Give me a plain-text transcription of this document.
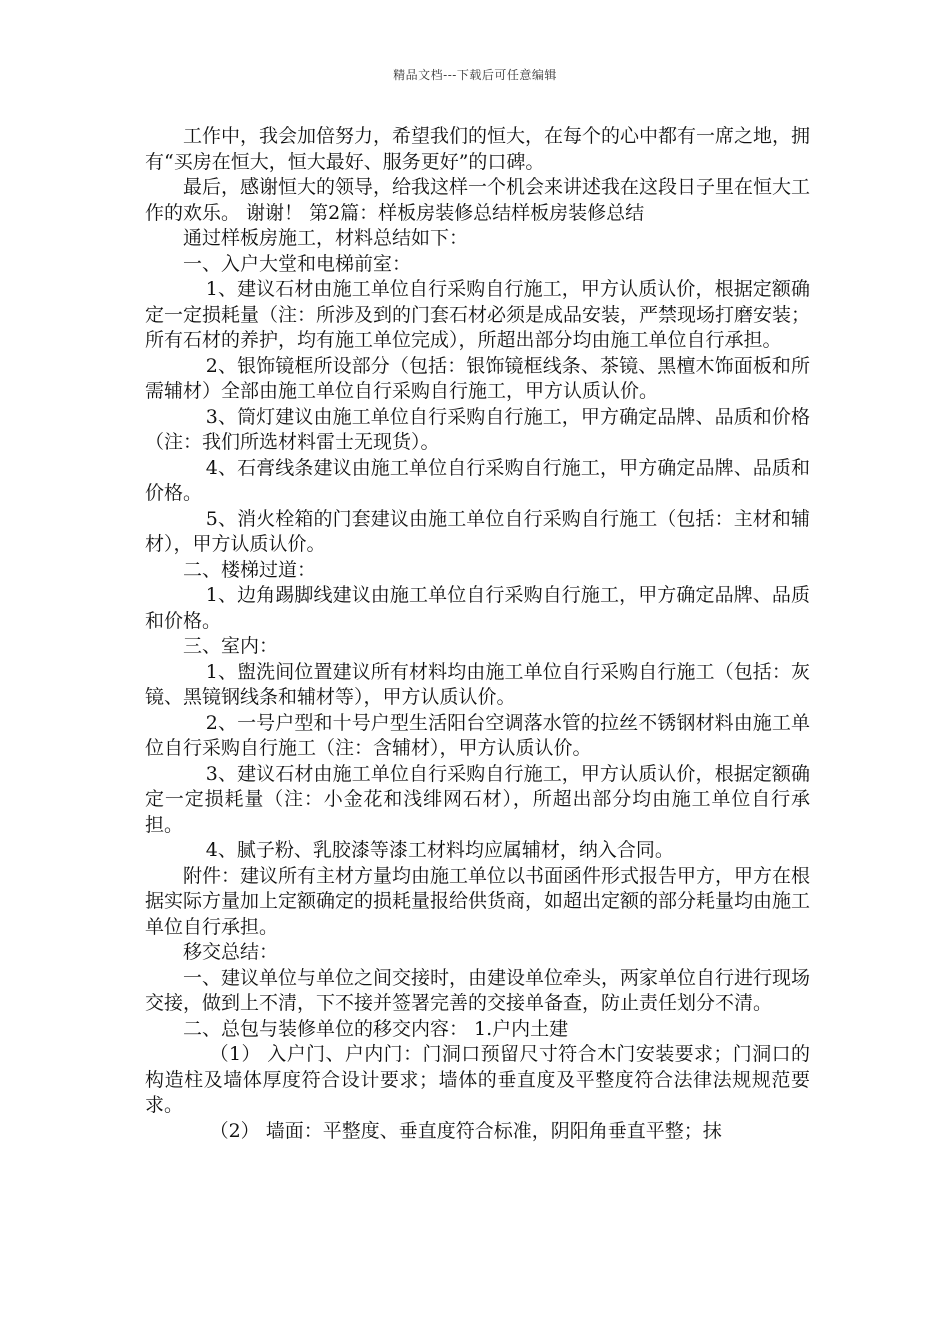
精品文档---下载后可任意编辑

工作中，我会加倍努力，希望我们的恒大，在每个的心中都有一席之地，拥有“买房在恒大，恒大最好、服务更好”的口碑。

最后，感谢恒大的领导，给我这样一个机会来讲述我在这段日子里在恒大工作的欢乐。 谢谢！ 第2篇：样板房装修总结样板房装修总结

通过样板房施工，材料总结如下：

一、入户大堂和电梯前室：

1、建议石材由施工单位自行采购自行施工，甲方认质认价，根据定额确定一定损耗量（注：所涉及到的门套石材必须是成品安装，严禁现场打磨安装；所有石材的养护，均有施工单位完成），所超出部分均由施工单位自行承担。

2、银饰镜框所设部分（包括：银饰镜框线条、茶镜、黑檀木饰面板和所需辅材）全部由施工单位自行采购自行施工，甲方认质认价。

3、筒灯建议由施工单位自行采购自行施工，甲方确定品牌、品质和价格（注：我们所选材料雷士无现货）。

4、石膏线条建议由施工单位自行采购自行施工，甲方确定品牌、品质和价格。

5、消火栓箱的门套建议由施工单位自行采购自行施工（包括：主材和辅材），甲方认质认价。

二、楼梯过道：

1、边角踢脚线建议由施工单位自行采购自行施工，甲方确定品牌、品质和价格。

三、室内：

1、盥洗间位置建议所有材料均由施工单位自行采购自行施工（包括：灰镜、黑镜钢线条和辅材等），甲方认质认价。

2、一号户型和十号户型生活阳台空调落水管的拉丝不锈钢材料由施工单位自行采购自行施工（注：含辅材），甲方认质认价。

3、建议石材由施工单位自行采购自行施工，甲方认质认价，根据定额确定一定损耗量（注：小金花和浅绯网石材），所超出部分均由施工单位自行承担。

4、腻子粉、乳胶漆等漆工材料均应属辅材，纳入合同。

附件：建议所有主材方量均由施工单位以书面函件形式报告甲方，甲方在根据实际方量加上定额确定的损耗量报给供货商，如超出定额的部分耗量均由施工单位自行承担。

移交总结：

一、建议单位与单位之间交接时，由建设单位牵头，两家单位自行进行现场交接，做到上不清，下不接并签署完善的交接单备查，防止责任划分不清。

二、总包与装修单位的移交内容： 1.户内土建

（1） 入户门、户内门：门洞口预留尺寸符合木门安装要求；门洞口的构造柱及墙体厚度符合设计要求；墙体的垂直度及平整度符合法律法规规范要求。

（2） 墙面：平整度、垂直度符合标准，阴阳角垂直平整；抹
